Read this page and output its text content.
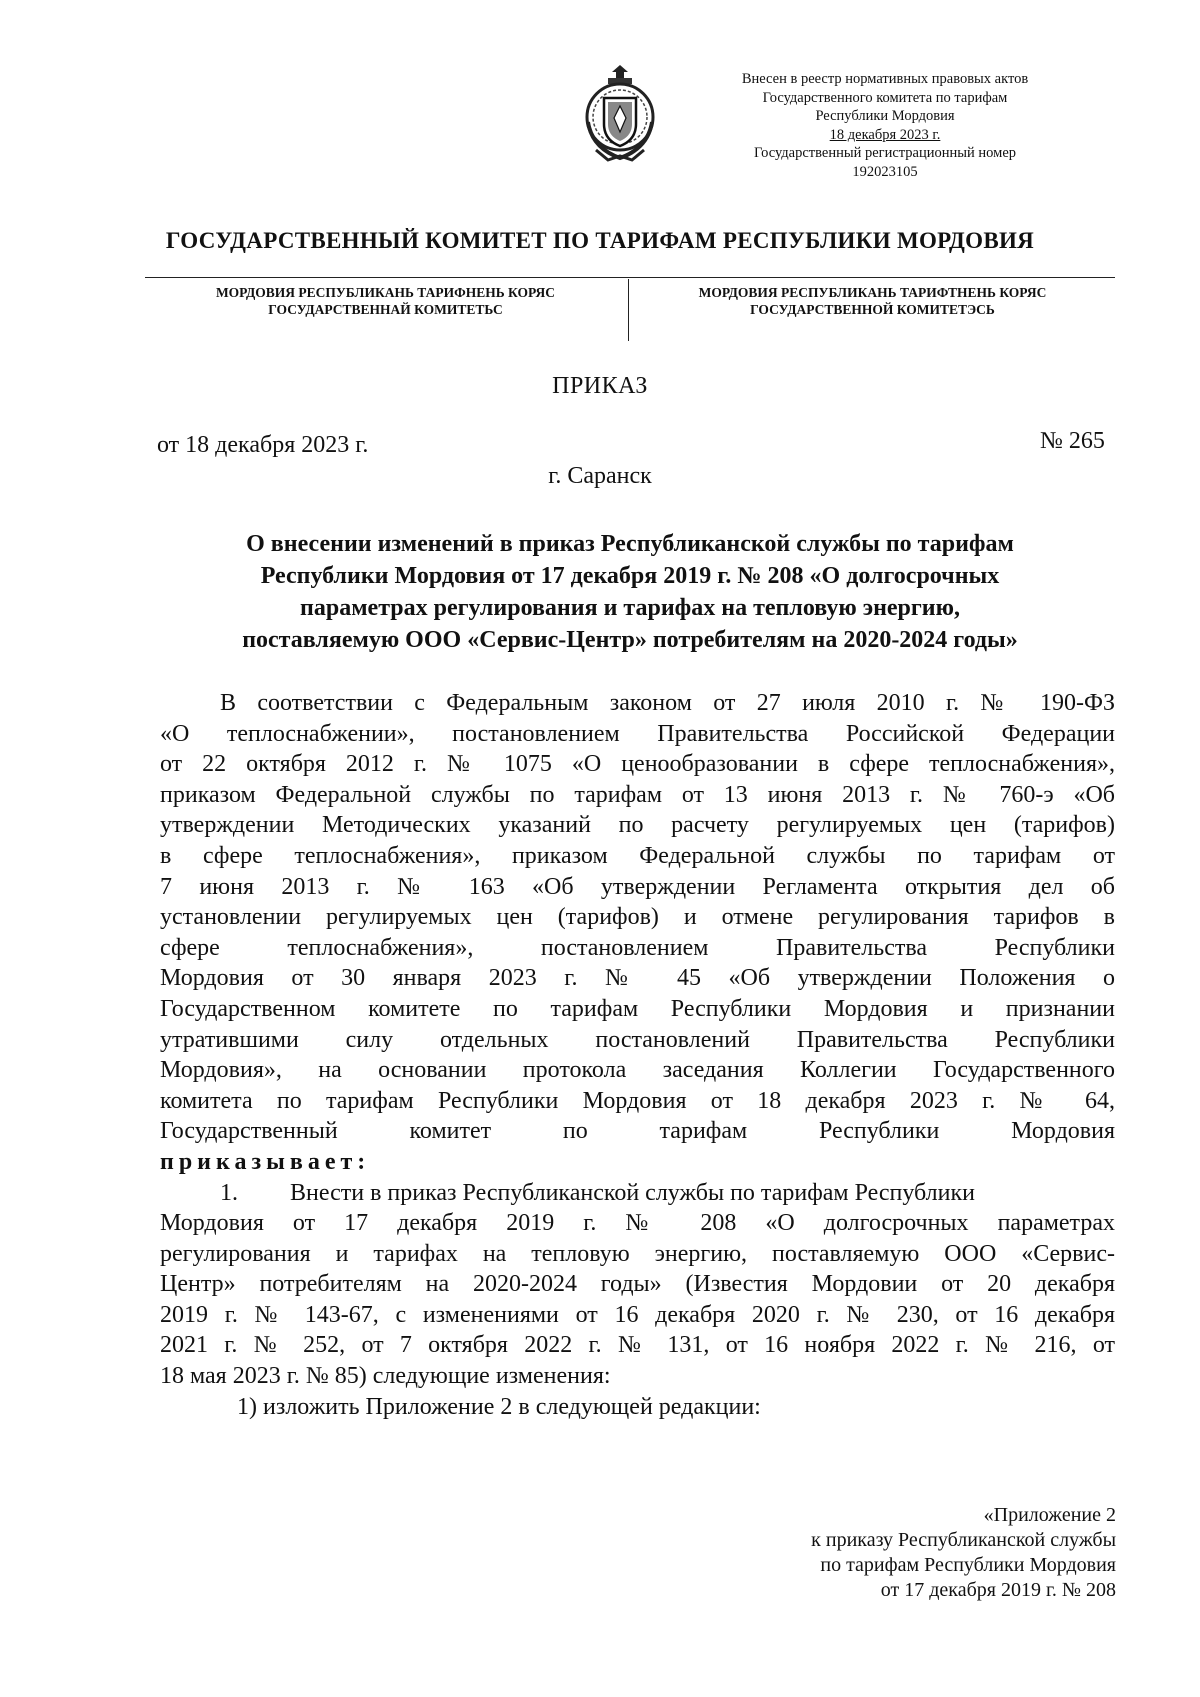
Внесен в реестр нормативных правовых актов
Государственного комитета по тарифам
Республики Мордовия
18 декабря 2023 г.
Государственный регистрационный номер
192023105
ГОСУДАРСТВЕННЫЙ КОМИТЕТ ПО ТАРИФАМ РЕСПУБЛИКИ МОРДОВИЯ
МОРДОВИЯ РЕСПУБЛИКАНЬ ТАРИФНЕНЬ КОРЯС
ГОСУДАРСТВЕННАЙ КОМИТЕТЬС
МОРДОВИЯ РЕСПУБЛИКАНЬ ТАРИФТНЕНЬ КОРЯС
ГОСУДАРСТВЕННОЙ КОМИТЕТЭСЬ
ПРИКАЗ
от 18 декабря 2023 г.	№ 265
г. Саранск
О внесении изменений в приказ Республиканской службы по тарифам
Республики Мордовия от 17 декабря 2019 г. № 208 «О долгосрочных
параметрах регулирования и тарифах на тепловую энергию,
поставляемую ООО «Сервис-Центр» потребителям на 2020-2024 годы»
В соответствии с Федеральным законом от 27 июля 2010 г. № 190-ФЗ
«О теплоснабжении», постановлением Правительства Российской Федерации
от 22 октября 2012 г. № 1075 «О ценообразовании в сфере теплоснабжения»,
приказом Федеральной службы по тарифам от 13 июня 2013 г. № 760-э «Об
утверждении Методических указаний по расчету регулируемых цен (тарифов)
в сфере теплоснабжения», приказом Федеральной службы по тарифам от
7 июня 2013 г. № 163 «Об утверждении Регламента открытия дел об
установлении регулируемых цен (тарифов) и отмене регулирования тарифов в
сфере теплоснабжения», постановлением Правительства Республики
Мордовия от 30 января 2023 г. № 45 «Об утверждении Положения о
Государственном комитете по тарифам Республики Мордовия и признании
утратившими силу отдельных постановлений Правительства Республики
Мордовия», на основании протокола заседания Коллегии Государственного
комитета по тарифам Республики Мордовия от 18 декабря 2023 г. № 64,
Государственный комитет по тарифам Республики Мордовия
приказывает:
1. Внести в приказ Республиканской службы по тарифам Республики
Мордовия от 17 декабря 2019 г. № 208 «О долгосрочных параметрах
регулирования и тарифах на тепловую энергию, поставляемую ООО «Сервис-
Центр» потребителям на 2020-2024 годы» (Известия Мордовии от 20 декабря
2019 г. № 143-67, с изменениями от 16 декабря 2020 г. № 230, от 16 декабря
2021 г. № 252, от 7 октября 2022 г. № 131, от 16 ноября 2022 г. № 216, от
18 мая 2023 г. № 85) следующие изменения:
1) изложить Приложение 2 в следующей редакции:
«Приложение 2
к приказу Республиканской службы
по тарифам Республики Мордовия
от 17 декабря 2019 г. № 208
